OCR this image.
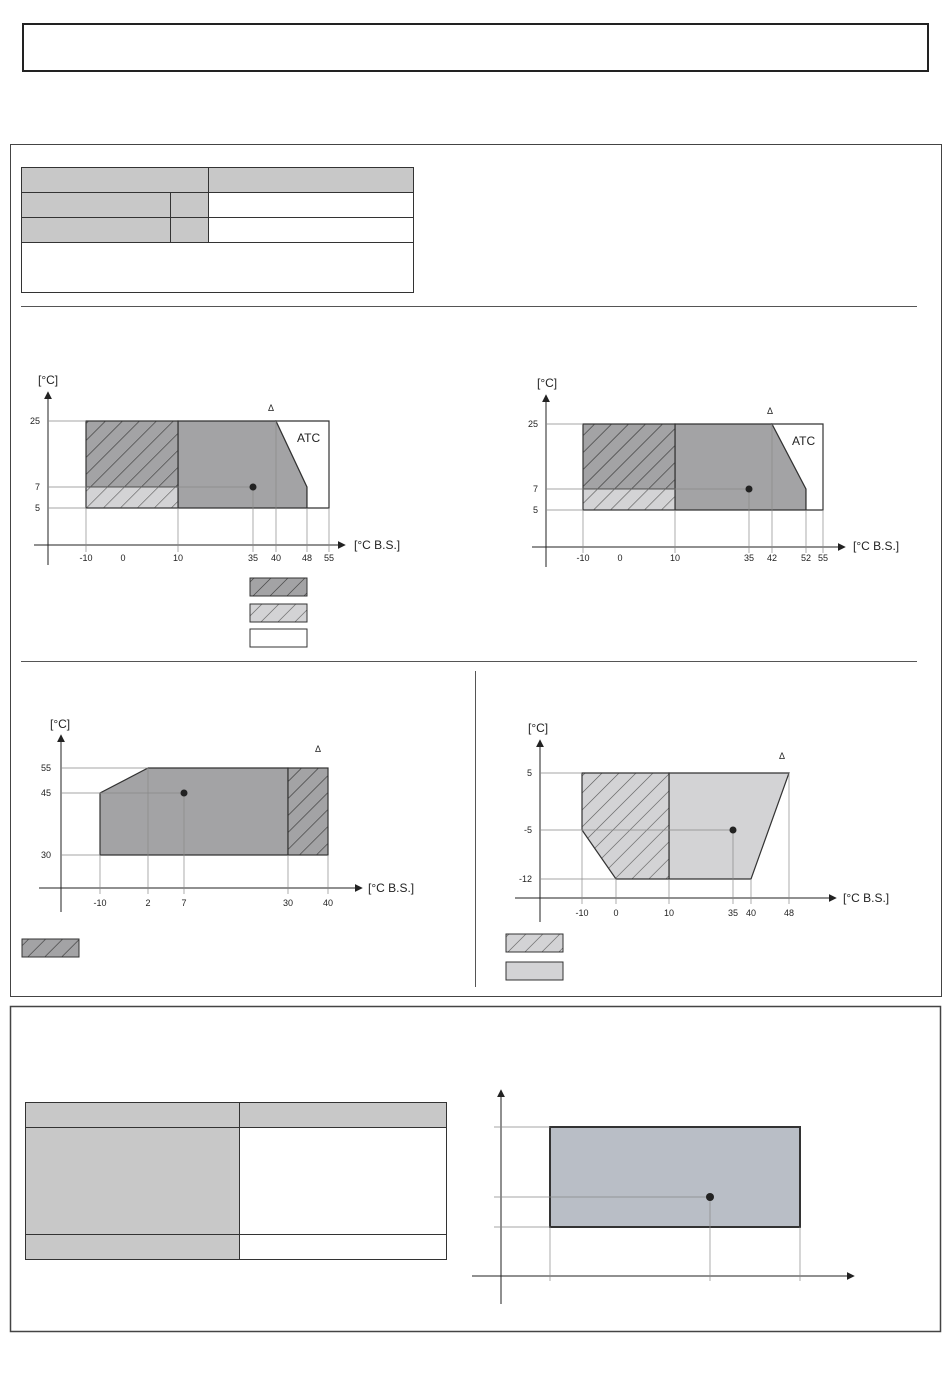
[°C]
[°C B.S.]
ATC
Δ
-10	0	10	35 40 48 55
5
7
25
[°C]
[°C B.S.]
ATC
Δ
-10	0	10	35 42	52 55
5
7
25
[°C]
[°C B.S.]
Δ
-10	2	7	30	40
30
45
55
[°C]
[°C B.S.]
Δ
-10	0	10	35 40	48
-12
-5
5
